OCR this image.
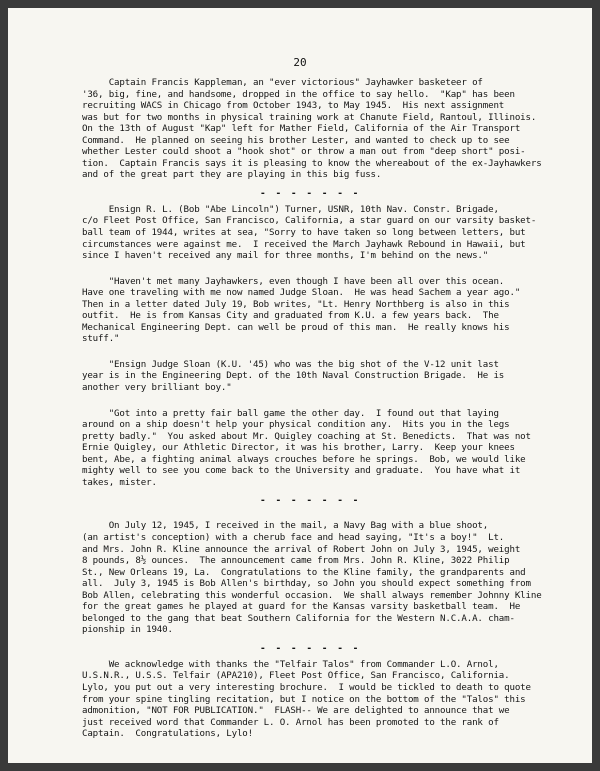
20

Captain Francis Kappleman, an "ever victorious" Jayhawker basketeer of
'36, big, fine, and handsome, dropped in the office to say hello.  "Kap" has been
recruiting WACS in Chicago from October 1943, to May 1945.  His next assignment
was but for two months in physical training work at Chanute Field, Rantoul, Illinois.
On the 13th of August "Kap" left for Mather Field, California of the Air Transport
Command.  He planned on seeing his brother Lester, and wanted to check up to see
whether Lester could shoot a "hook shot" or throw a man out from "deep short" posi-
tion.  Captain Francis says it is pleasing to know the whereabout of the ex-Jayhawkers
and of the great part they are playing in this big fuss.

- - - - - - -

Ensign R. L. (Bob "Abe Lincoln") Turner, USNR, 10th Nav. Constr. Brigade,
c/o Fleet Post Office, San Francisco, California, a star guard on our varsity basket-
ball team of 1944, writes at sea, "Sorry to have taken so long between letters, but
circumstances were against me.  I received the March Jayhawk Rebound in Hawaii, but
since I haven't received any mail for three months, I'm behind on the news."

"Haven't met many Jayhawkers, even though I have been all over this ocean.
Have one traveling with me now named Judge Sloan.  He was head Sachem a year ago."
Then in a letter dated July 19, Bob writes, "Lt. Henry Northberg is also in this
outfit.  He is from Kansas City and graduated from K.U. a few years back.  The
Mechanical Engineering Dept. can well be proud of this man.  He really knows his
stuff."

"Ensign Judge Sloan (K.U. '45) who was the big shot of the V-12 unit last
year is in the Engineering Dept. of the 10th Naval Construction Brigade.  He is
another very brilliant boy."

"Got into a pretty fair ball game the other day.  I found out that laying
around on a ship doesn't help your physical condition any.  Hits you in the legs
pretty badly."  You asked about Mr. Quigley coaching at St. Benedicts.  That was not
Ernie Quigley, our Athletic Director, it was his brother, Larry.  Keep your knees
bent, Abe, a fighting animal always crouches before he springs.  Bob, we would like
mighty well to see you come back to the University and graduate.  You have what it
takes, mister.

- - - - - - -

On July 12, 1945, I received in the mail, a Navy Bag with a blue shoot,
(an artist's conception) with a cherub face and head saying, "It's a boy!"  Lt.
and Mrs. John R. Kline announce the arrival of Robert John on July 3, 1945, weight
8 pounds, 8½ ounces.  The announcement came from Mrs. John R. Kline, 3022 Philip
St., New Orleans 19, La.  Congratulations to the Kline family, the grandparents and
all.  July 3, 1945 is Bob Allen's birthday, so John you should expect something from
Bob Allen, celebrating this wonderful occasion.  We shall always remember Johnny Kline
for the great games he played at guard for the Kansas varsity basketball team.  He
belonged to the gang that beat Southern California for the Western N.C.A.A. cham-
pionship in 1940.

- - - - - - -

We acknowledge with thanks the "Telfair Talos" from Commander L.O. Arnol,
U.S.N.R., U.S.S. Telfair (APA210), Fleet Post Office, San Francisco, California.
Lylo, you put out a very interesting brochure.  I would be tickled to death to quote
from your spine tingling recitation, but I notice on the bottom of the "Talos" this
admonition, "NOT FOR PUBLICATION."  FLASH-- We are delighted to announce that we
just received word that Commander L. O. Arnol has been promoted to the rank of
Captain.  Congratulations, Lylo!
